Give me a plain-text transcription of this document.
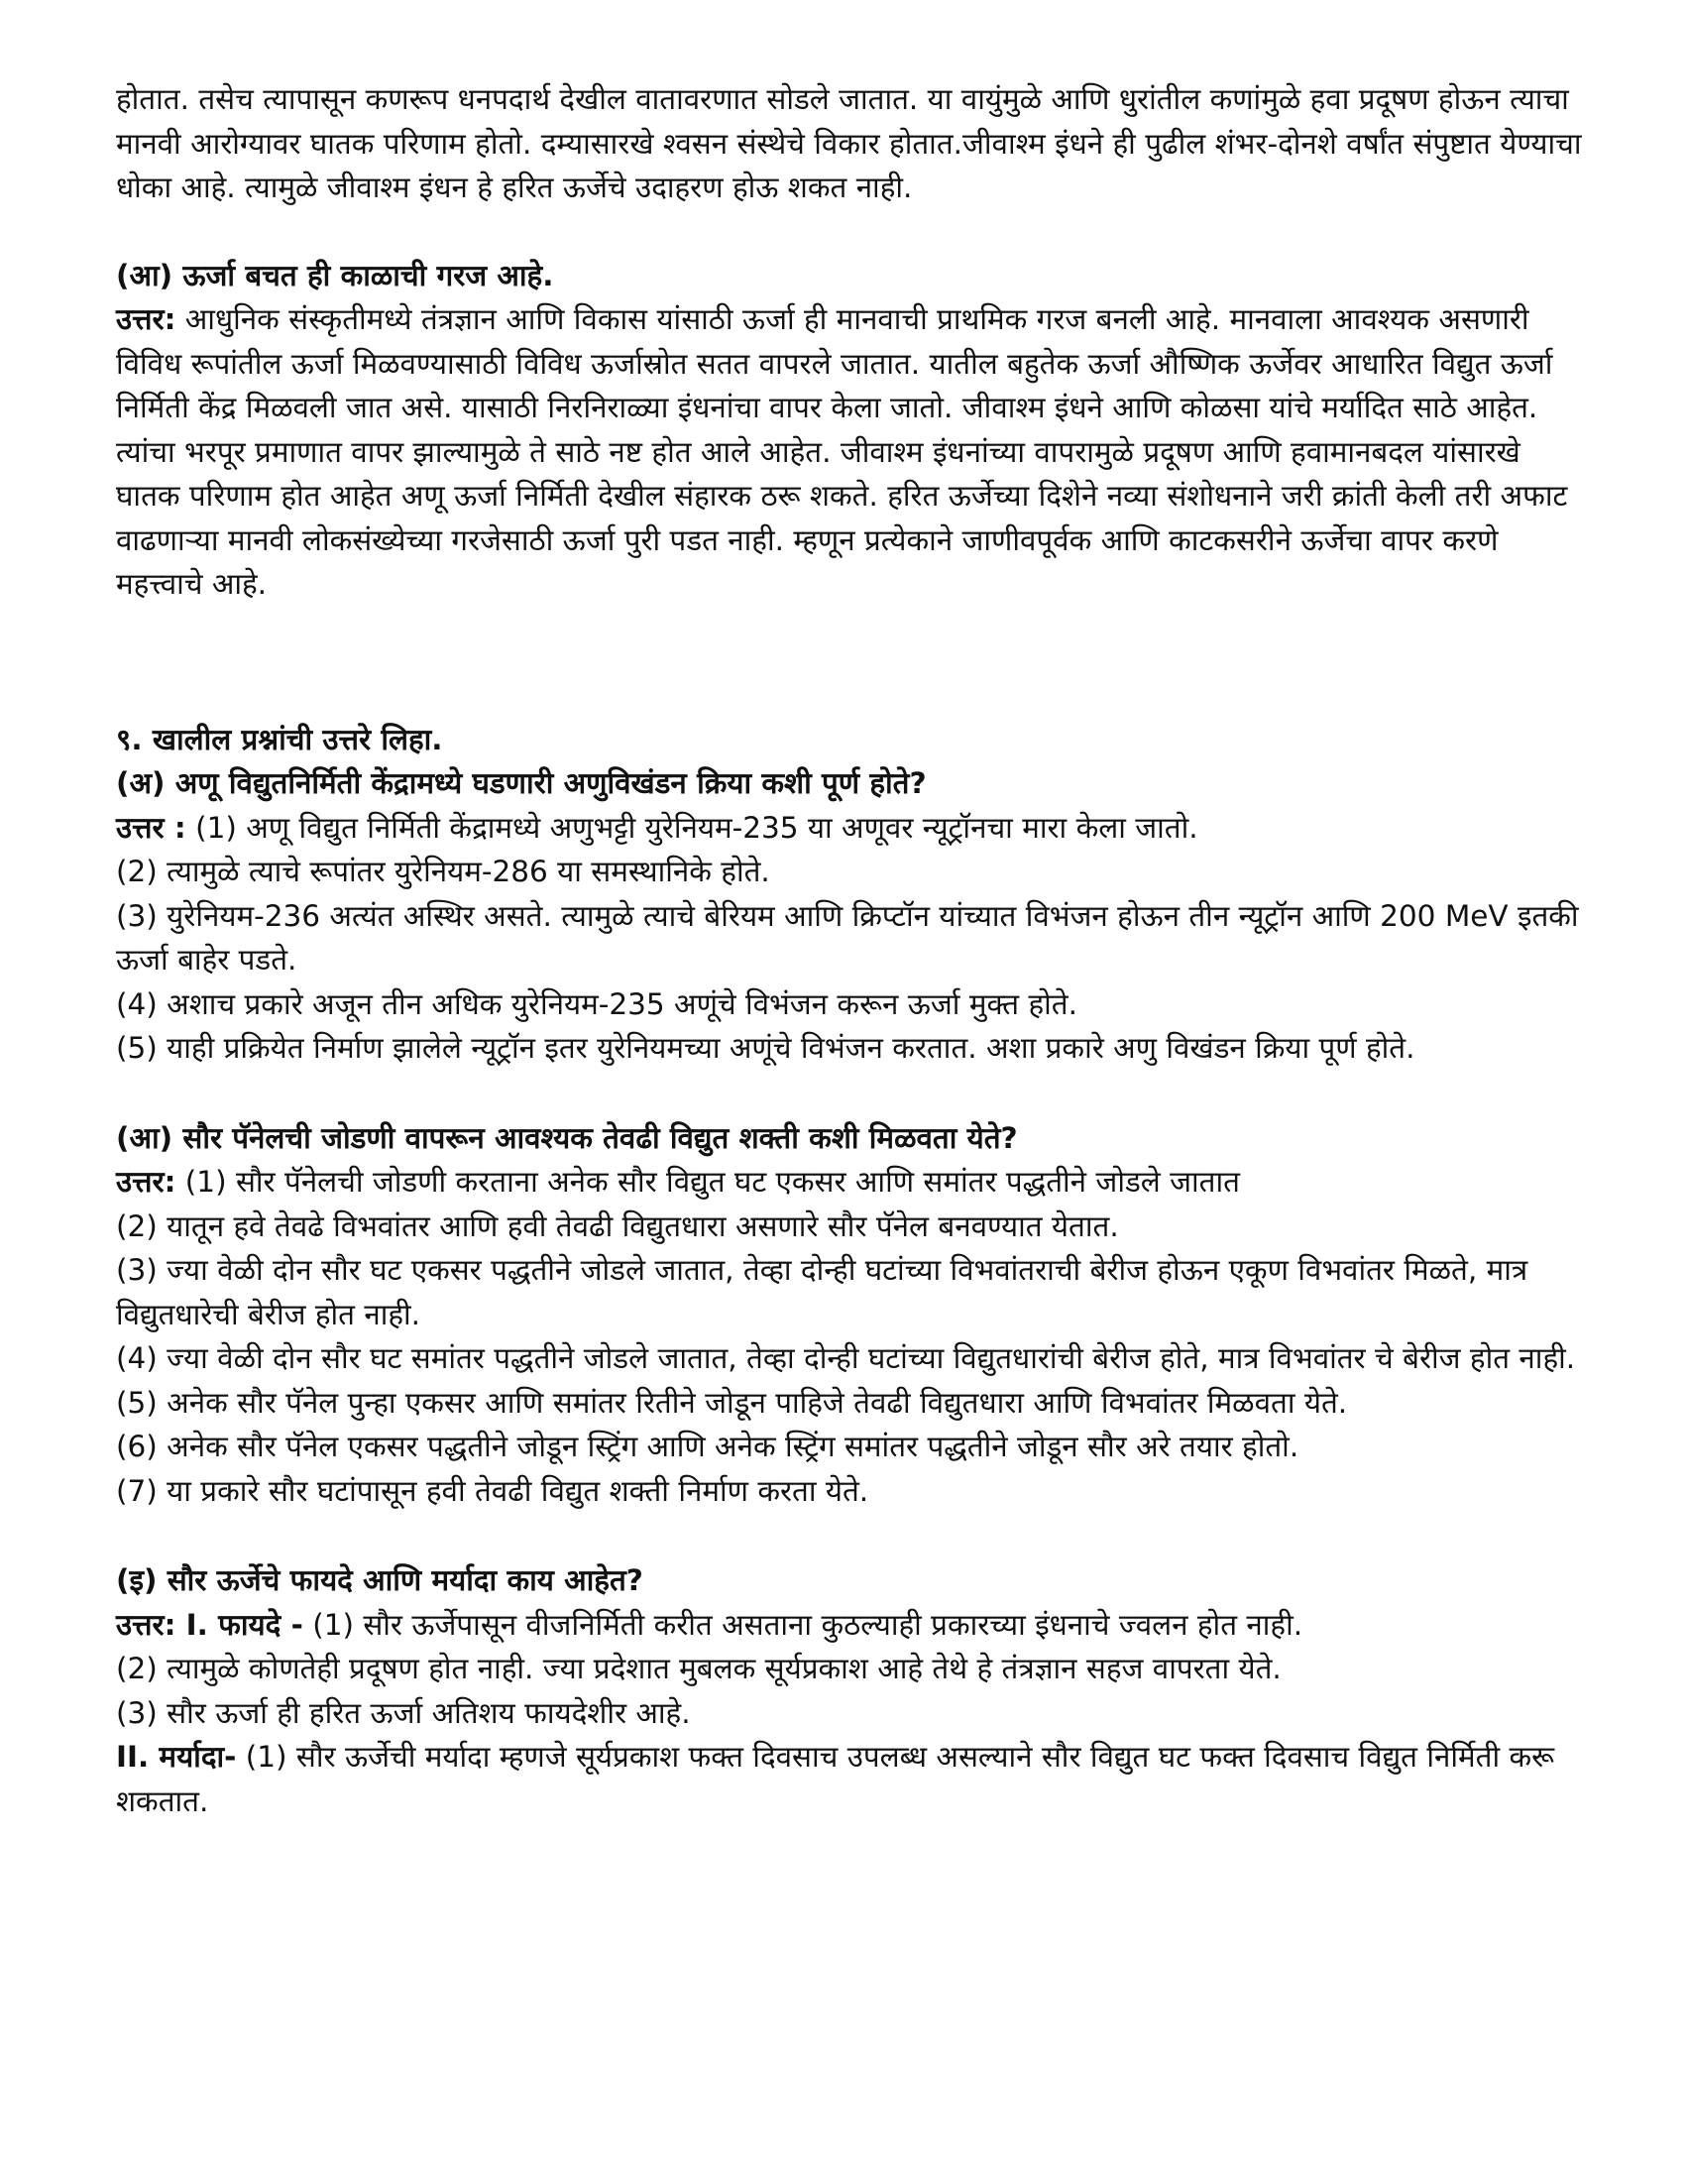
होतात. तसेच त्यापासून कणरूप धनपदार्थ देखील वातावरणात सोडले जातात. या वायुंमुळे आणि धुरांतील कणांमुळे हवा प्रदूषण होऊन त्याचा मानवी आरोग्यावर घातक परिणाम होतो. दम्यासारखे श्वसन संस्थेचे विकार होतात.जीवाश्म इंधने ही पुढील शंभर-दोनशे वर्षांत संपुष्टात येण्याचा धोका आहे. त्यामुळे जीवाश्म इंधन हे हरित ऊर्जेचे उदाहरण होऊ शकत नाही.

(आ) ऊर्जा बचत ही काळाची गरज आहे.

उत्तर: आधुनिक संस्कृतीमध्ये तंत्रज्ञान आणि विकास यांसाठी ऊर्जा ही मानवाची प्राथमिक गरज बनली आहे. मानवाला आवश्यक असणारी विविध रूपांतील ऊर्जा मिळवण्यासाठी विविध ऊर्जास्रोत सतत वापरले जातात. यातील बहुतेक ऊर्जा औष्णिक ऊर्जेवर आधारित विद्युत ऊर्जा निर्मिती केंद्र मिळवली जात असे. यासाठी निरनिराळ्या इंधनांचा वापर केला जातो. जीवाश्म इंधने आणि कोळसा यांचे मर्यादित साठे आहेत. त्यांचा भरपूर प्रमाणात वापर झाल्यामुळे ते साठे नष्ट होत आले आहेत. जीवाश्म इंधनांच्या वापरामुळे प्रदूषण आणि हवामानबदल यांसारखे घातक परिणाम होत आहेत अणू ऊर्जा निर्मिती देखील संहारक ठरू शकते. हरित ऊर्जेच्या दिशेने नव्या संशोधनाने जरी क्रांती केली तरी अफाट वाढणाऱ्या मानवी लोकसंख्येच्या गरजेसाठी ऊर्जा पुरी पडत नाही. म्हणून प्रत्येकाने जाणीवपूर्वक आणि काटकसरीने ऊर्जेचा वापर करणे महत्त्वाचे आहे.

९. खालील प्रश्नांची उत्तरे लिहा.
(अ) अणू विद्युतनिर्मिती केंद्रामध्ये घडणारी अणुविखंडन क्रिया कशी पूर्ण होते?

उत्तर : (1) अणू विद्युत निर्मिती केंद्रामध्ये अणुभट्टी युरेनियम-235 या अणूवर न्यूट्रॉनचा मारा केला जातो.

(2) त्यामुळे त्याचे रूपांतर युरेनियम-286 या समस्थानिके होते.

(3) युरेनियम-236 अत्यंत अस्थिर असते. त्यामुळे त्याचे बेरियम आणि क्रिप्टॉन यांच्यात विभंजन होऊन तीन न्यूट्रॉन आणि 200 MeV इतकी ऊर्जा बाहेर पडते.

(4) अशाच प्रकारे अजून तीन अधिक युरेनियम-235 अणूंचे विभंजन करून ऊर्जा मुक्त होते.

(5) याही प्रक्रियेत निर्माण झालेले न्यूट्रॉन इतर युरेनियमच्या अणूंचे विभंजन करतात. अशा प्रकारे अणु विखंडन क्रिया पूर्ण होते.

(आ) सौर पॅनेलची जोडणी वापरून आवश्यक तेवढी विद्युत शक्ती कशी मिळवता येते?

उत्तर: (1) सौर पॅनेलची जोडणी करताना अनेक सौर विद्युत घट एकसर आणि समांतर पद्धतीने जोडले जातात

(2) यातून हवे तेवढे विभवांतर आणि हवी तेवढी विद्युतधारा असणारे सौर पॅनेल बनवण्यात येतात.

(3) ज्या वेळी दोन सौर घट एकसर पद्धतीने जोडले जातात, तेव्हा दोन्ही घटांच्या विभवांतराची बेरीज होऊन एकूण विभवांतर मिळते, मात्र विद्युतधारेची बेरीज होत नाही.

(4) ज्या वेळी दोन सौर घट समांतर पद्धतीने जोडले जातात, तेव्हा दोन्ही घटांच्या विद्युतधारांची बेरीज होते, मात्र विभवांतर चे बेरीज होत नाही.

(5) अनेक सौर पॅनेल पुन्हा एकसर आणि समांतर रितीने जोडून पाहिजे तेवढी विद्युतधारा आणि विभवांतर मिळवता येते.

(6) अनेक सौर पॅनेल एकसर पद्धतीने जोडून स्ट्रिंग आणि अनेक स्ट्रिंग समांतर पद्धतीने जोडून सौर अरे तयार होतो.

(7) या प्रकारे सौर घटांपासून हवी तेवढी विद्युत शक्ती निर्माण करता येते.

(इ) सौर ऊर्जेचे फायदे आणि मर्यादा काय आहेत?

उत्तर: I. फायदे - (1) सौर ऊर्जेपासून वीजनिर्मिती करीत असताना कुठल्याही प्रकारच्या इंधनाचे ज्वलन होत नाही.

(2) त्यामुळे कोणतेही प्रदूषण होत नाही. ज्या प्रदेशात मुबलक सूर्यप्रकाश आहे तेथे हे तंत्रज्ञान सहज वापरता येते.

(3) सौर ऊर्जा ही हरित ऊर्जा अतिशय फायदेशीर आहे.

II. मर्यादा- (1) सौर ऊर्जेची मर्यादा म्हणजे सूर्यप्रकाश फक्त दिवसाच उपलब्ध असल्याने सौर विद्युत घट फक्त दिवसाच विद्युत निर्मिती करू शकतात.
